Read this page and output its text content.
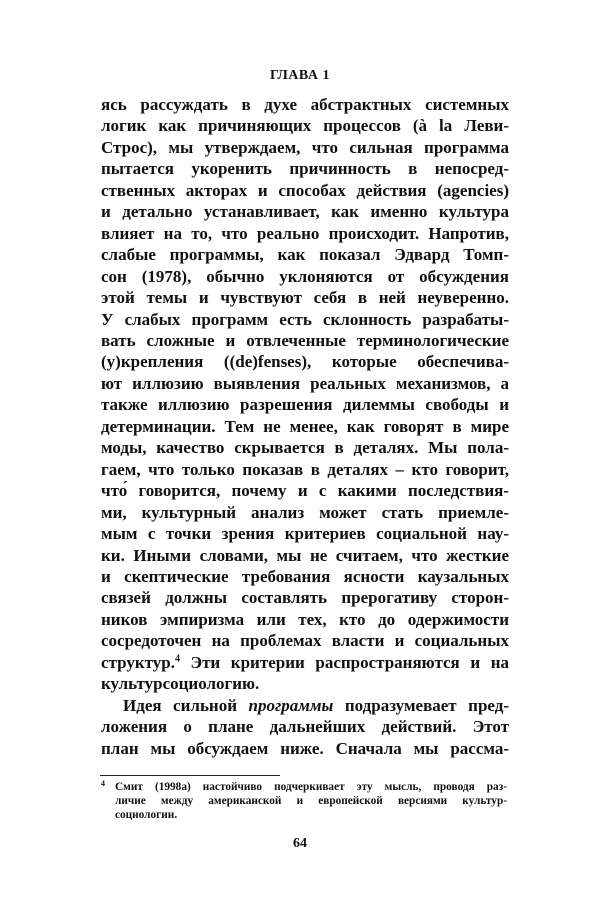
ГЛАВА 1
ясь рассуждать в духе абстрактных системных
логик как причиняющих процессов (à la Леви-
Строс), мы утверждаем, что сильная программа
пытается укоренить причинность в непосред-
ственных акторах и способах действия (agencies)
и детально устанавливает, как именно культура
влияет на то, что реально происходит. Напротив,
слабые программы, как показал Эдвард Томп-
сон (1978), обычно уклоняются от обсуждения
этой темы и чувствуют себя в ней неуверенно.
У слабых программ есть склонность разрабаты-
вать сложные и отвлеченные терминологические
(у)крепления ((de)fenses), которые обеспечива-
ют иллюзию выявления реальных механизмов, а
также иллюзию разрешения дилеммы свободы и
детерминации. Тем не менее, как говорят в мире
моды, качество скрывается в деталях. Мы пола-
гаем, что только показав в деталях – кто говорит,
что́ говорится, почему и с какими последствия-
ми, культурный анализ может стать приемле-
мым с точки зрения критериев социальной нау-
ки. Иными словами, мы не считаем, что жесткие
и скептические требования ясности каузальных
связей должны составлять прерогативу сторон-
ников эмпиризма или тех, кто до одержимости
сосредоточен на проблемах власти и социальных
структур.$^4$ Эти критерии распространяются и на
культурсоциологию.
Идея сильной программы подразумевает пред-
ложения о плане дальнейших действий. Этот
план мы обсуждаем ниже. Сначала мы рассма-
4 Смит (1998a) настойчиво подчеркивает эту мысль, проводя раз-
личие между американской и европейской версиями культур-
социологии.
64
